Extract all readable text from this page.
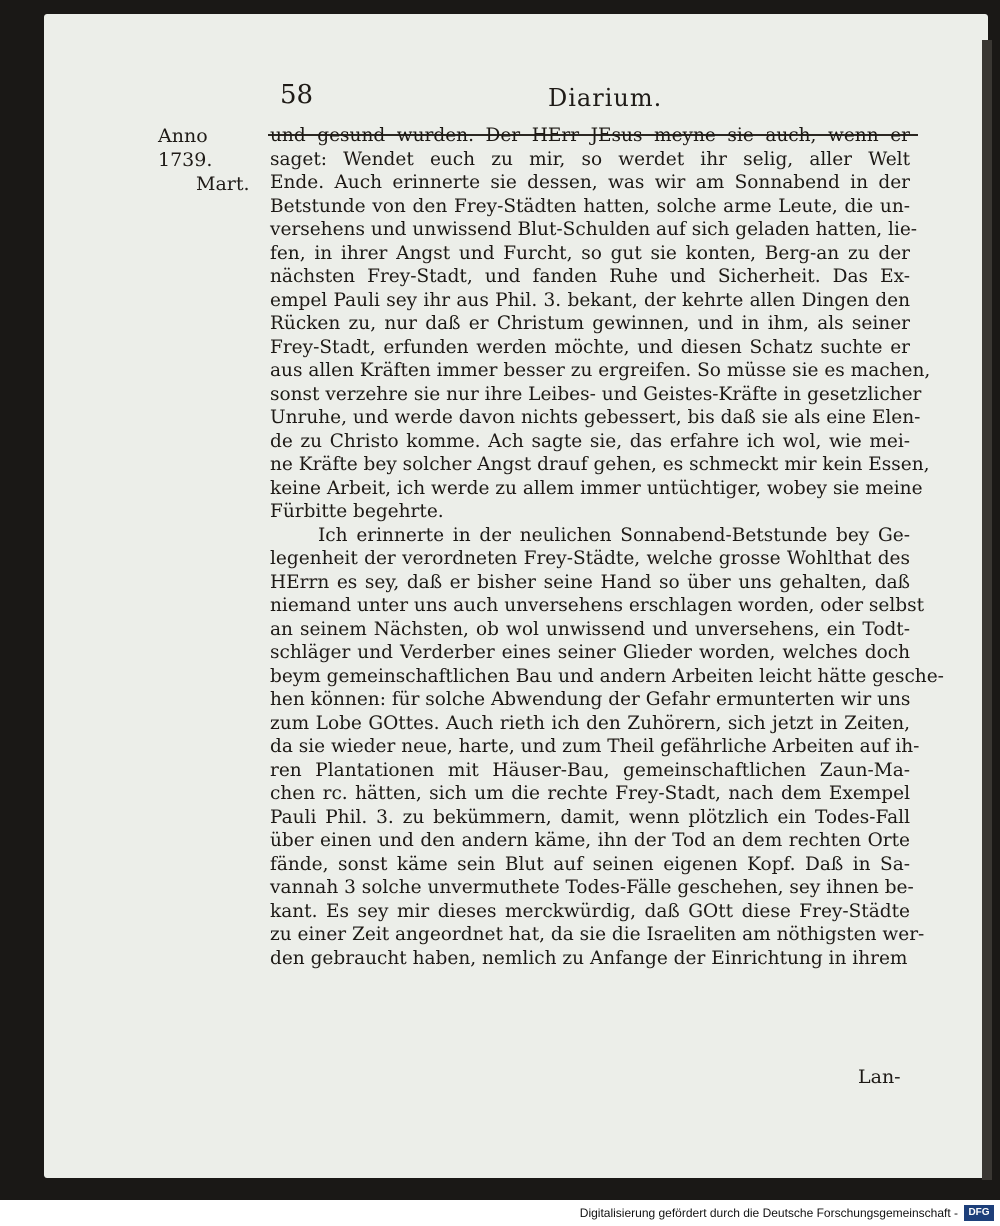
58	Diarium.
Anno 1739.
Mart.
und gesund wurden. Der HErr JEsus meyne sie auch, wenn er
saget: Wendet euch zu mir, so werdet ihr selig, aller Welt
Ende. Auch erinnerte sie dessen, was wir am Sonnabend in der
Betstunde von den Frey-Städten hatten, solche arme Leute, die un-
versehens und unwissend Blut-Schulden auf sich geladen hatten, lie-
fen, in ihrer Angst und Furcht, so gut sie konten, Berg-an zu der
nächsten Frey-Stadt, und fanden Ruhe und Sicherheit. Das Ex-
empel Pauli sey ihr aus Phil. 3. bekant, der kehrte allen Dingen den
Rücken zu, nur daß er Christum gewinnen, und in ihm, als seiner
Frey-Stadt, erfunden werden möchte, und diesen Schatz suchte er
aus allen Kräften immer besser zu ergreifen. So müsse sie es machen,
sonst verzehre sie nur ihre Leibes- und Geistes-Kräfte in gesetzlicher
Unruhe, und werde davon nichts gebessert, bis daß sie als eine Elen-
de zu Christo komme. Ach sagte sie, das erfahre ich wol, wie mei-
ne Kräfte bey solcher Angst drauf gehen, es schmeckt mir kein Essen,
keine Arbeit, ich werde zu allem immer untüchtiger, wobey sie meine
Fürbitte begehrte.
Ich erinnerte in der neulichen Sonnabend-Betstunde bey Ge-
legenheit der verordneten Frey-Städte, welche grosse Wohlthat des
HErrn es sey, daß er bisher seine Hand so über uns gehalten, daß
niemand unter uns auch unversehens erschlagen worden, oder selbst
an seinem Nächsten, ob wol unwissend und unversehens, ein Todt-
schläger und Verderber eines seiner Glieder worden, welches doch
beym gemeinschaftlichen Bau und andern Arbeiten leicht hätte gesche-
hen können: für solche Abwendung der Gefahr ermunterten wir uns
zum Lobe GOttes. Auch rieth ich den Zuhörern, sich jetzt in Zeiten,
da sie wieder neue, harte, und zum Theil gefährliche Arbeiten auf ih-
ren Plantationen mit Häuser-Bau, gemeinschaftlichen Zaun-Ma-
chen rc. hätten, sich um die rechte Frey-Stadt, nach dem Exempel
Pauli Phil. 3. zu bekümmern, damit, wenn plötzlich ein Todes-Fall
über einen und den andern käme, ihn der Tod an dem rechten Orte
fände, sonst käme sein Blut auf seinen eigenen Kopf. Daß in Sa-
vannah 3 solche unvermuthete Todes-Fälle geschehen, sey ihnen be-
kant. Es sey mir dieses merckwürdig, daß GOtt diese Frey-Städte
zu einer Zeit angeordnet hat, da sie die Israeliten am nöthigsten wer-
den gebraucht haben, nemlich zu Anfange der Einrichtung in ihrem
Lan-
Digitalisierung gefördert durch die Deutsche Forschungsgemeinschaft -	DFG
